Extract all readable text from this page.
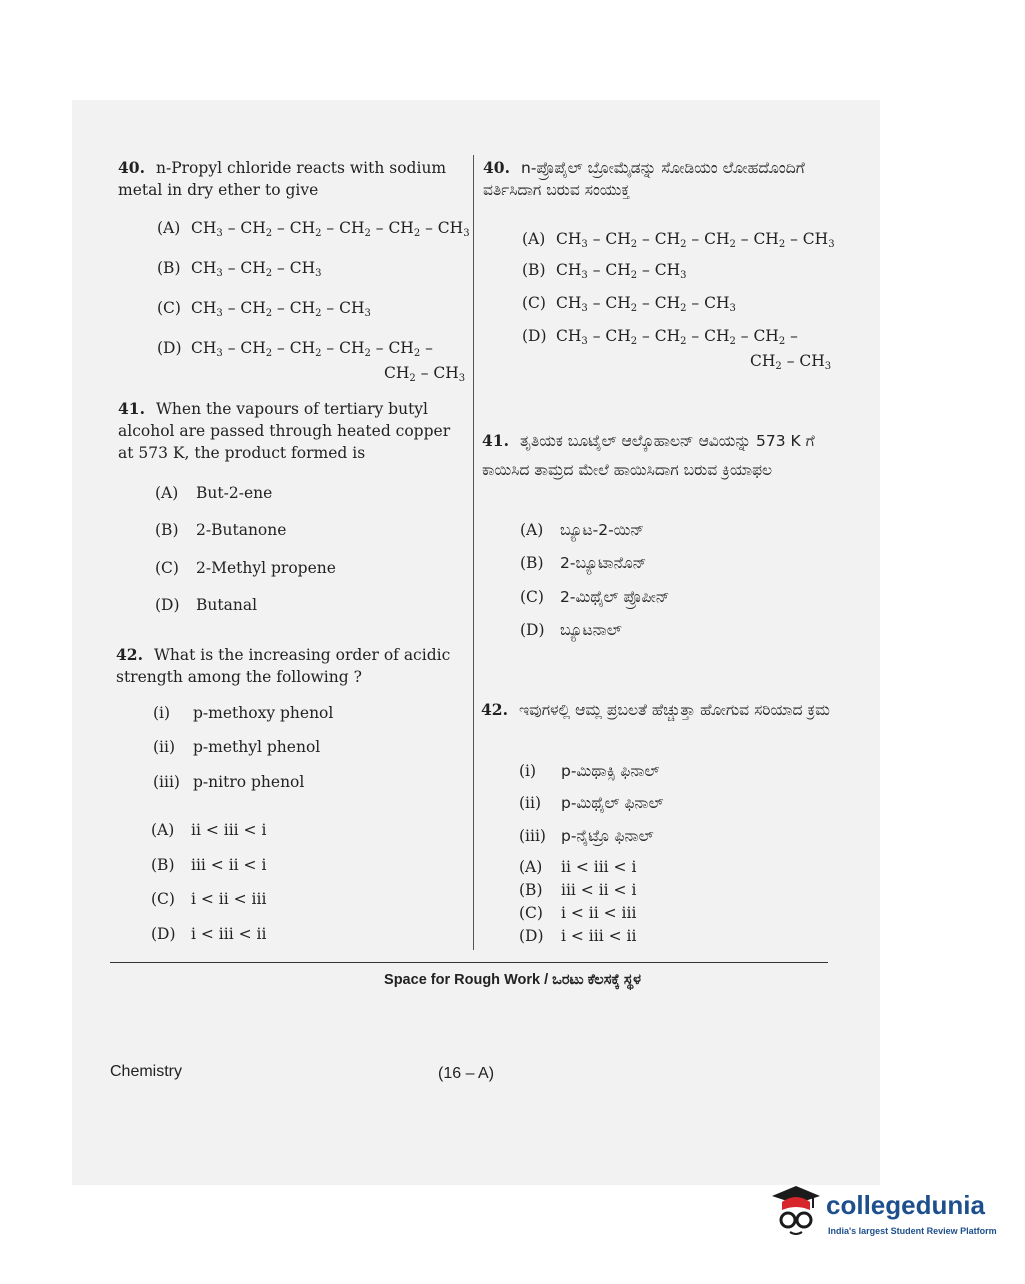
40. n-Propyl chloride reacts with sodium metal in dry ether to give
(A) $CH_3 - CH_2 - CH_2 - CH_2 - CH_2 - CH_3$
(B) $CH_3 - CH_2 - CH_3$
(C) $CH_3 - CH_2 - CH_2 - CH_3$
(D) $CH_3 - CH_2 - CH_2 - CH_2 - CH_2$ –
$CH_2 - CH_3$
41. When the vapours of tertiary butyl alcohol are passed through heated copper at 573 K, the product formed is
(A) But-2-ene
(B) 2-Butanone
(C) 2-Methyl propene
(D) Butanal
42. What is the increasing order of acidic strength among the following ?
(i) p-methoxy phenol
(ii) p-methyl phenol
(iii) p-nitro phenol
(A) ii < iii < i
(B) iii < ii < i
(C) i < ii < iii
(D) i < iii < ii
40. n-ಪ್ರೊಪೈಲ್ ಬ್ರೋಮೈಡನ್ನು ಸೋಡಿಯಂ ಲೋಹದೊಂದಿಗೆ ವರ್ತಿಸಿದಾಗ ಬರುವ ಸಂಯುಕ್ತ
(A) $CH_3 - CH_2 - CH_2 - CH_2 - CH_2 - CH_3$
(B) $CH_3 - CH_2 - CH_3$
(C) $CH_3 - CH_2 - CH_2 - CH_3$
(D) $CH_3 - CH_2 - CH_2 - CH_2 - CH_2$ –
$CH_2 - CH_3$
41. ತೃತಿಯಕ ಬೂಟೈಲ್ ಆಲ್ಕೊಹಾಲನ್ ಆವಿಯನ್ನು 573 K ಗೆ ಕಾಯಿಸಿದ ತಾಮ್ರದ ಮೇಲೆ ಹಾಯಿಸಿದಾಗ ಬರುವ ಕ್ರಿಯಾಫಲ
(A) ಬ್ಯೂಟ-2-ಯಿನ್
(B) 2-ಬ್ಯೂಟಾನೊನ್
(C) 2-ಮಿಥೈಲ್ ಪ್ರೊಪೀನ್
(D) ಬ್ಯೂಟನಾಲ್
42. ಇವುಗಳಲ್ಲಿ ಆಮ್ಲ ಪ್ರಬಲತೆ ಹೆಚ್ಚುತ್ತಾ ಹೋಗುವ ಸರಿಯಾದ ಕ್ರಮ
(i) p-ಮಿಥಾಕ್ಸಿ ಫಿನಾಲ್
(ii) p-ಮಿಥೈಲ್ ಫಿನಾಲ್
(iii) p-ನೈಟ್ರೊ ಫಿನಾಲ್
(A) ii < iii < i
(B) iii < ii < i
(C) i < ii < iii
(D) i < iii < ii
Space for Rough Work / ಒರಟು ಕೆಲಸಕ್ಕೆ ಸ್ಥಳ
Chemistry	(16 – A)
collegedunia
India's largest Student Review Platform
